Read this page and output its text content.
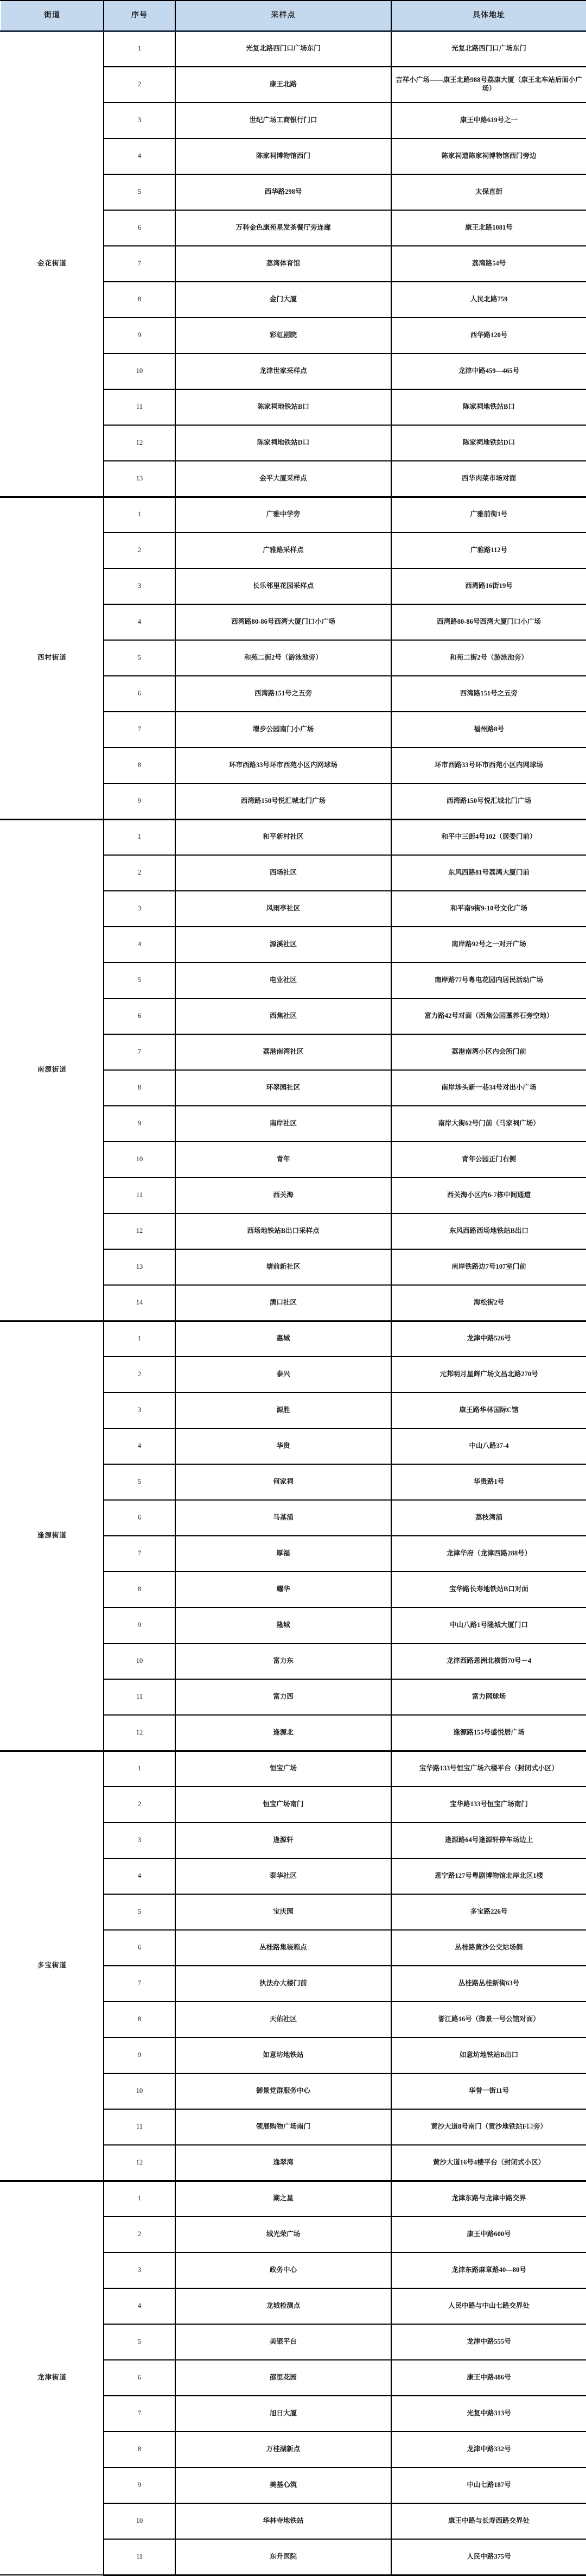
街道	序号	采样点	具体地址
金花街道	1	光复北路西门口广场东门	光复北路西门口广场东门
	2	康王北路	吉祥小广场——康王北路988号荔康大厦（康王北车站后面小广场）
	3	世纪广场工商银行门口	康王中路619号之一
	4	陈家祠博物馆西门	陈家祠道陈家祠博物馆西门旁边
	5	西华路298号	太保直街
	6	万科金色康苑星发茶餐厅旁连廊	康王北路1081号
	7	荔湾体育馆	荔湾路54号
	8	金门大厦	人民北路759
	9	彩虹剧院	西华路120号
	10	龙津世家采样点	龙津中路459—465号
	11	陈家祠地铁站B口	陈家祠地铁站B口
	12	陈家祠地铁站D口	陈家祠地铁站D口
	13	金平大厦采样点	西华肉菜市场对面
西村街道	1	广雅中学旁	广雅前街1号
	2	广雅路采样点	广雅路112号
	3	长乐邻里花园采样点	西湾路16街19号
	4	西湾路80-86号西湾大厦门口小广场	西湾路80-86号西湾大厦门口小广场
	5	和苑二街2号（游泳池旁）	和苑二街2号（游泳池旁）
	6	西湾路151号之五旁	西湾路151号之五旁
	7	增步公园南门小广场	福州路8号
	8	环市西路33号环市西苑小区内网球场	环市西路33号环市西苑小区内网球场
	9	西湾路150号悦汇城北门广场	西湾路150号悦汇城北门广场
南源街道	1	和平新村社区	和平中三街4号102（居委门前）
	2	西场社区	东风西路81号荔鸿大厦门前
	3	风雨亭社区	和平南9街9-10号文化广场
	4	源溪社区	南岸路92号之一对开广场
	5	电业社区	南岸路77号粤电花园内居民活动广场
	6	西焦社区	富力路42号对面（西焦公园藁养石旁空地）
	7	荔港南湾社区	荔港南湾小区内会所门前
	8	环翠园社区	南岸埗头新一巷34号对出小广场
	9	南岸社区	南岸大街62号门前（马家祠广场）
	10	青年	青年公园正门右侧
	11	西关海	西关海小区内6-7栋中间通道
	12	西场地铁站B出口采样点	东风西路西场地铁站B出口
	13	塘前新社区	南岸铁路边7号107室门前
	14	澳口社区	海松街2号
逢源街道	1	惠城	龙津中路526号
	2	泰兴	元邦明月星辉广场文昌北路270号
	3	源胜	康王路华林国际C馆
	4	华贵	中山八路37-4
	5	何家祠	华贵路1号
	6	马基涌	荔枝湾涌
	7	厚福	龙津华府（龙津西路288号）
	8	耀华	宝华路长寿地铁站B口对面
	9	隆城	中山八路1号隆城大厦门口
	10	富力东	龙津西路恩洲北横街70号－4
	11	富力西	富力网球场
	12	逢源北	逢源路155号盛悦居广场
多宝街道	1	恒宝广场	宝华路133号恒宝广场六楼平台（封闭式小区）
	2	恒宝广场南门	宝华路133号恒宝广场南门
	3	逢源轩	逢源路64号逢源轩停车场边上
	4	泰华社区	恩宁路127号粤剧博物馆北岸北区1楼
	5	宝庆园	多宝路226号
	6	丛桂路集装箱点	丛桂路黄沙公交站场侧
	7	执法办大楼门前	丛桂路丛桂新街63号
	8	天佑社区	誉江路16号（御景一号公馆对面）
	9	如意坊地铁站	如意坊地铁站B出口
	10	御景党群服务中心	华誉一街11号
	11	领展购物广场南门	黄沙大道8号南门（黄沙地铁站F口旁）
	12	逸翠湾	黄沙大道16号4楼平台（封闭式小区）
龙津街道	1	潮之星	龙津东路与龙津中路交界
	2	城光荣广场	康王中路600号
	3	政务中心	龙津东路麻章路40—80号
	4	龙城检测点	人民中路与中山七路交界处
	5	美银平台	龙津中路555号
	6	邵里花园	康王中路486号
	7	旭日大厦	光复中路313号
	8	万桂湖新点	龙津中路332号
	9	美基心筑	中山七路187号
	10	华林寺地铁站	康王中路与长寿西路交界处
	11	东升医院	人民中路375号
